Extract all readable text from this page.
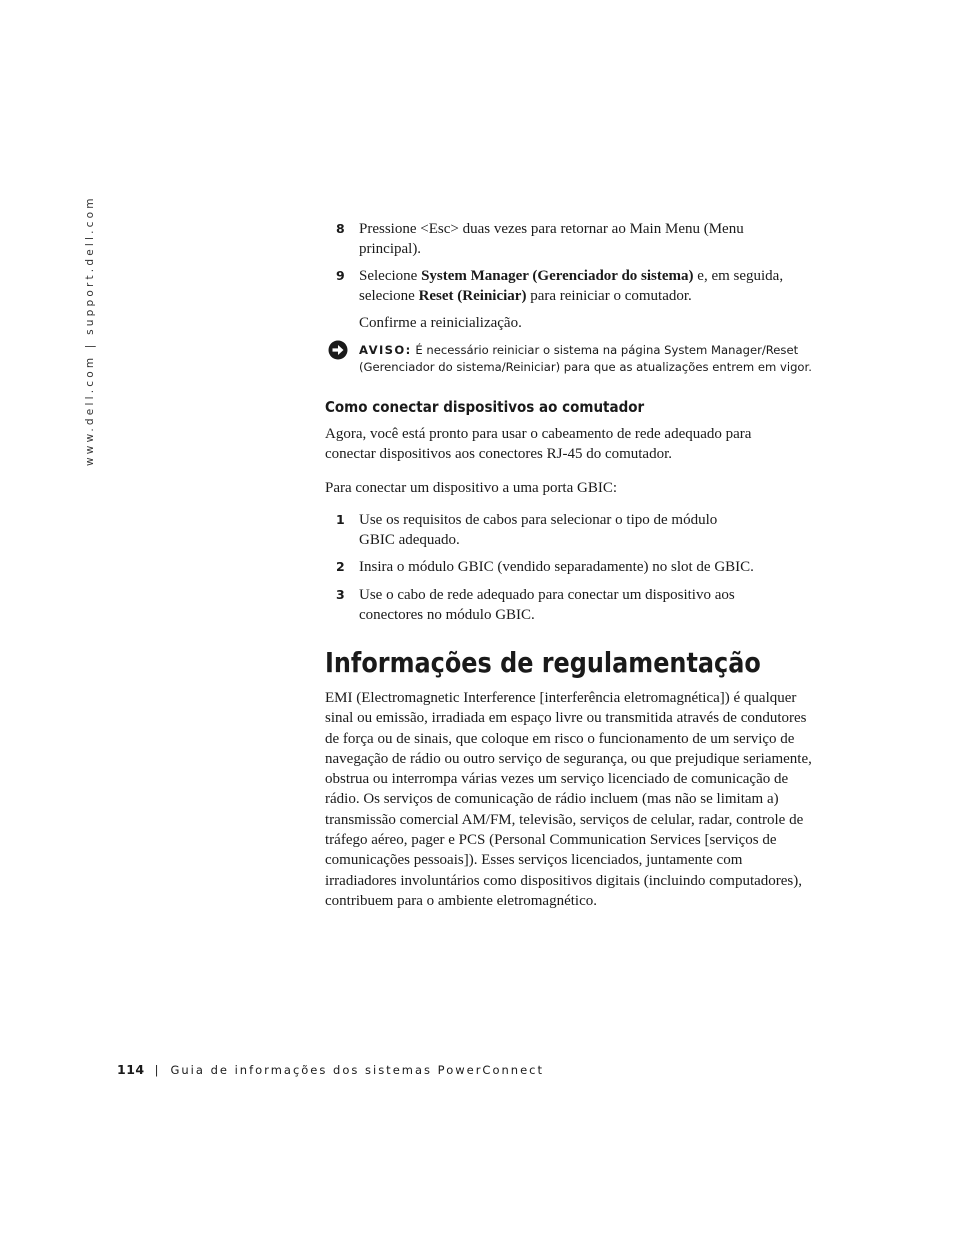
www.dell.com | support.dell.com	8 Pressione <Esc> duas vezes para retornar ao Main Menu (Menu principal).
9 Selecione System Manager (Gerenciador do sistema) e, em seguida, selecione Reset (Reiniciar) para reiniciar o comutador.
Confirme a reinicialização.
AVISO: É necessário reiniciar o sistema na página System Manager/Reset (Gerenciador do sistema/Reiniciar) para que as atualizações entrem em vigor.
Como conectar dispositivos ao comutador
Agora, você está pronto para usar o cabeamento de rede adequado para conectar dispositivos aos conectores RJ-45 do comutador.
Para conectar um dispositivo a uma porta GBIC:
1 Use os requisitos de cabos para selecionar o tipo de módulo GBIC adequado.
2 Insira o módulo GBIC (vendido separadamente) no slot de GBIC.
3 Use o cabo de rede adequado para conectar um dispositivo aos conectores no módulo GBIC.
Informações de regulamentação
EMI (Electromagnetic Interference [interferência eletromagnética]) é qualquer sinal ou emissão, irradiada em espaço livre ou transmitida através de condutores de força ou de sinais, que coloque em risco o funcionamento de um serviço de navegação de rádio ou outro serviço de segurança, ou que prejudique seriamente, obstrua ou interrompa várias vezes um serviço licenciado de comunicação de rádio. Os serviços de comunicação de rádio incluem (mas não se limitam a) transmissão comercial AM/FM, televisão, serviços de celular, radar, controle de tráfego aéreo, pager e PCS (Personal Communication Services [serviços de comunicações pessoais]). Esses serviços licenciados, juntamente com irradiadores involuntários como dispositivos digitais (incluindo computadores), contribuem para o ambiente eletromagnético.
114 | Guia de informações dos sistemas PowerConnect
